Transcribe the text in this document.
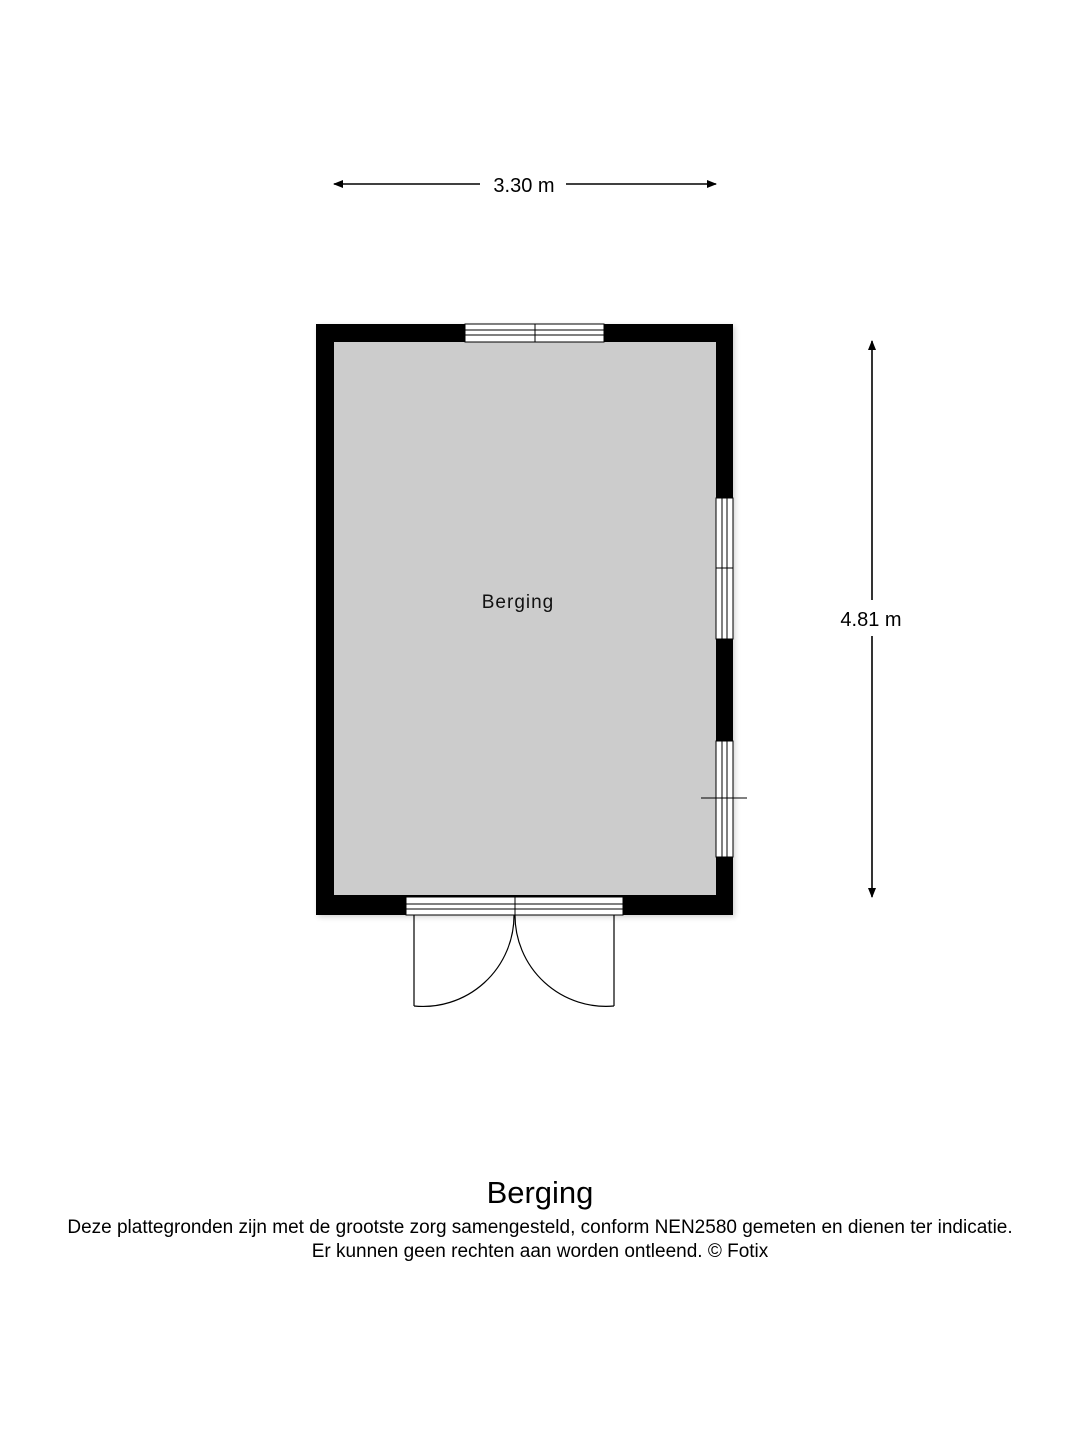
3.30 m
4.81 m
Berging
Berging

Deze plattegronden zijn met de grootste zorg samengesteld, conform NEN2580 gemeten en dienen ter indicatie.

Er kunnen geen rechten aan worden ontleend. © Fotix
